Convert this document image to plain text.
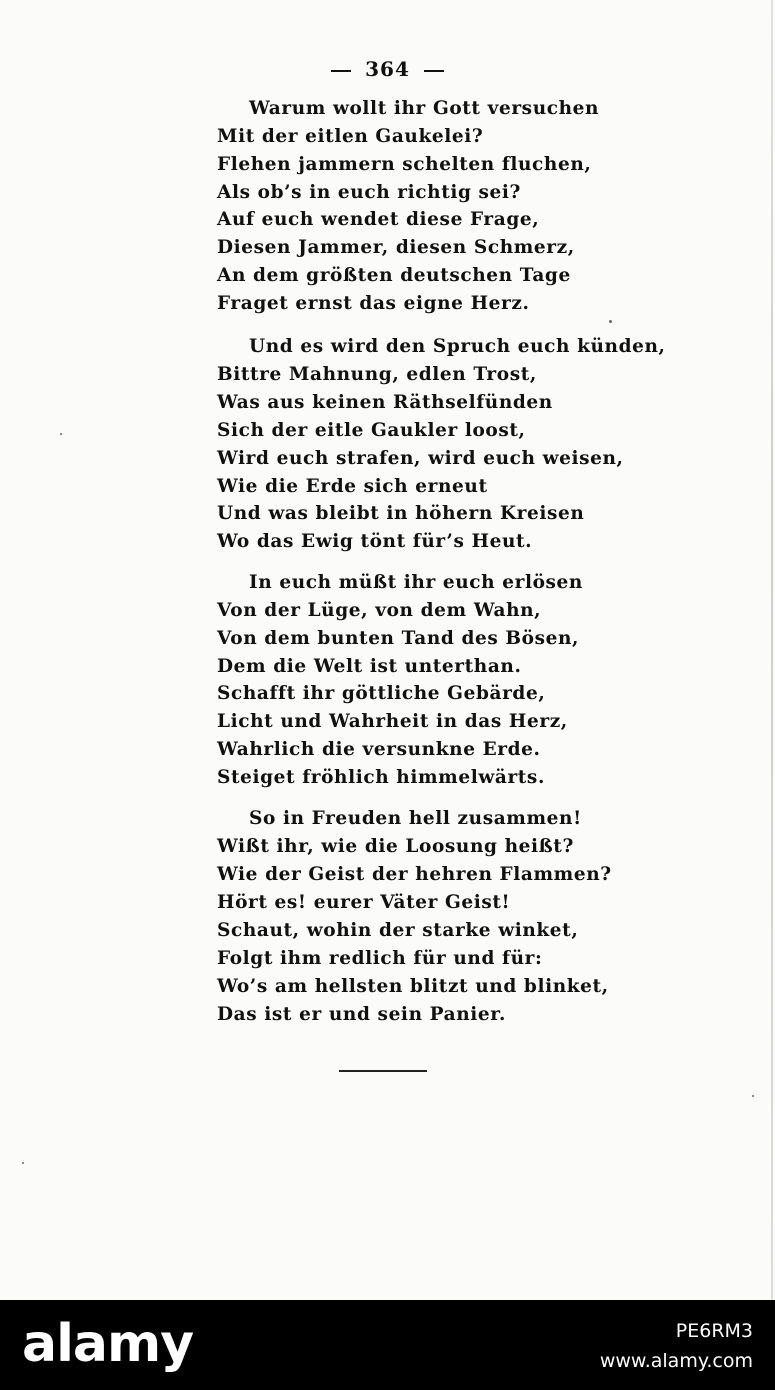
364
Warum wollt ihr Gott versuchen
Mit der eitlen Gaukelei?
Flehen jammern schelten fluchen,
Als ob’s in euch richtig sei?
Auf euch wendet diese Frage,
Diesen Jammer, diesen Schmerz,
An dem größten deutschen Tage
Fraget ernst das eigne Herz.
Und es wird den Spruch euch künden,
Bittre Mahnung, edlen Trost,
Was aus keinen Räthselfünden
Sich der eitle Gaukler loost,
Wird euch strafen, wird euch weisen,
Wie die Erde sich erneut
Und was bleibt in höhern Kreisen
Wo das Ewig tönt für’s Heut.
In euch müßt ihr euch erlösen
Von der Lüge, von dem Wahn,
Von dem bunten Tand des Bösen,
Dem die Welt ist unterthan.
Schafft ihr göttliche Gebärde,
Licht und Wahrheit in das Herz,
Wahrlich die versunkne Erde.
Steiget fröhlich himmelwärts.
So in Freuden hell zusammen!
Wißt ihr, wie die Loosung heißt?
Wie der Geist der hehren Flammen?
Hört es! eurer Väter Geist!
Schaut, wohin der starke winket,
Folgt ihm redlich für und für:
Wo’s am hellsten blitzt und blinket,
Das ist er und sein Panier.
alamy	PE6RM3
www.alamy.com
